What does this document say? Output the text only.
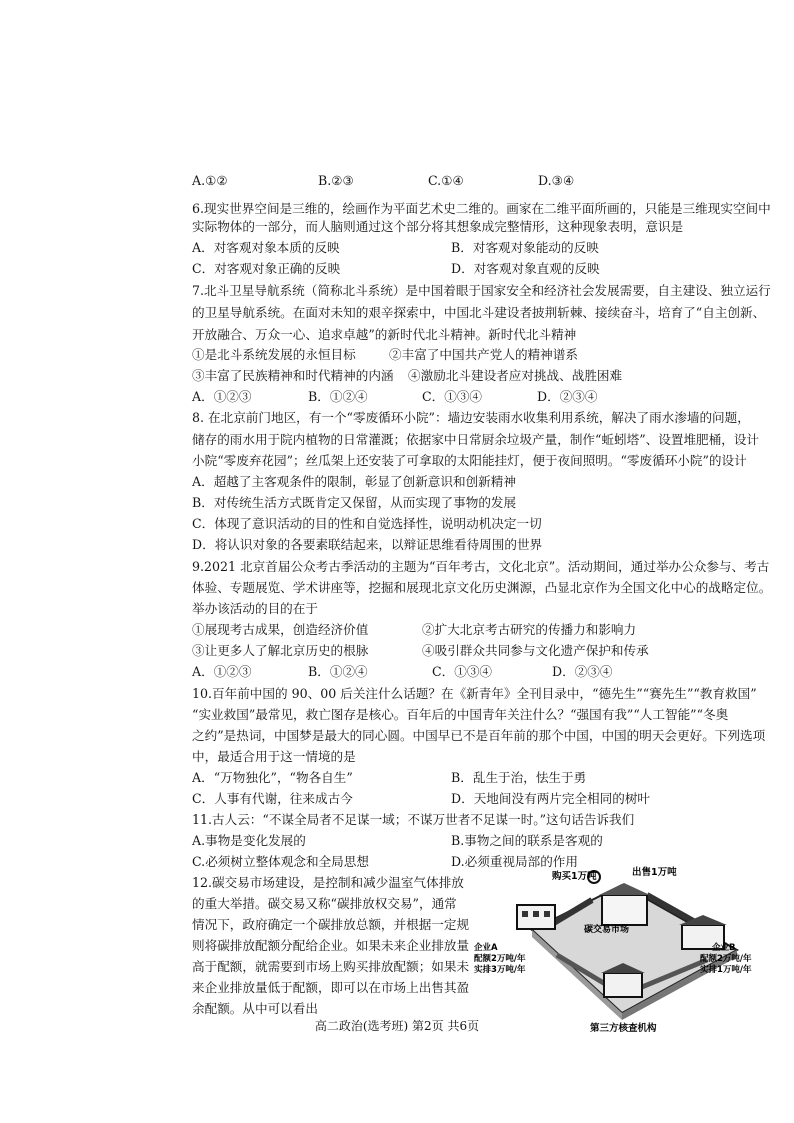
A.①②	B.②③	C.①④	D.③④
6.现实世界空间是三维的，绘画作为平面艺术史二维的。画家在二维平面所画的，只能是三维现实空间中
实际物体的一部分，而人脑则通过这个部分将其想象成完整情形，这种现象表明，意识是
A．对客观对象本质的反映	B．对客观对象能动的反映
C．对客观对象正确的反映	D．对客观对象直观的反映
7.北斗卫星导航系统（简称北斗系统）是中国着眼于国家安全和经济社会发展需要，自主建设、独立运行
的卫星导航系统。在面对未知的艰辛探索中，中国北斗建设者披荆斩棘、接续奋斗，培育了“自主创新、
开放融合、万众一心、追求卓越”的新时代北斗精神。新时代北斗精神
①是北斗系统发展的永恒目标	②丰富了中国共产党人的精神谱系
③丰富了民族精神和时代精神的内涵 ④激励北斗建设者应对挑战、战胜困难
A．①②③	B．①②④	C．①③④	D．②③④
8. 在北京前门地区，有一个“零废循环小院”：墙边安装雨水收集利用系统，解决了雨水渗墙的问题，
储存的雨水用于院内植物的日常灌溉；依据家中日常厨余垃圾产量，制作“蚯蚓塔”、设置堆肥桶，设计
小院“零废弃花园”；丝瓜架上还安装了可拿取的太阳能挂灯，便于夜间照明。“零废循环小院”的设计
A．超越了主客观条件的限制，彰显了创新意识和创新精神
B．对传统生活方式既肯定又保留，从而实现了事物的发展
C．体现了意识活动的目的性和自觉选择性，说明动机决定一切
D．将认识对象的各要素联结起来，以辩证思维看待周围的世界
9.2021 北京首届公众考古季活动的主题为“百年考古，文化北京”。活动期间，通过举办公众参与、考古
体验、专题展览、学术讲座等，挖掘和展现北京文化历史渊源，凸显北京作为全国文化中心的战略定位。
举办该活动的目的在于
①展现考古成果，创造经济价值	②扩大北京考古研究的传播力和影响力
③让更多人了解北京历史的根脉	④吸引群众共同参与文化遗产保护和传承
A．①②③	B．①②④	C．①③④	D．②③④
10.百年前中国的 90、00 后关注什么话题？在《新青年》全刊目录中，“德先生”“赛先生”“教育救国”
“实业救国”最常见，救亡图存是核心。百年后的中国青年关注什么？“强国有我”“人工智能”“冬奥
之约”是热词，中国梦是最大的同心圆。中国早已不是百年前的那个中国，中国的明天会更好。下列选项
中，最适合用于这一情境的是
A．“万物独化”，“物各自生”	B．乱生于治，怯生于勇
C．人事有代谢，往来成古今	D．天地间没有两片完全相同的树叶
11.古人云：“不谋全局者不足谋一域；不谋万世者不足谋一时。”这句话告诉我们
A.事物是变化发展的	B.事物之间的联系是客观的
C.必须树立整体观念和全局思想	D.必须重视局部的作用
12.碳交易市场建设，是控制和减少温室气体排放
的重大举措。碳交易又称“碳排放权交易”，通常
情况下，政府确定一个碳排放总额，并根据一定规
则将碳排放配额分配给企业。如果未来企业排放量
高于配额，就需要到市场上购买排放配额；如果未
来企业排放量低于配额，即可以在市场上出售其盈
余配额。从中可以看出
购买1万吨	出售1万吨
碳交易市场
企业A
配额2万吨/年
实排3万吨/年
企业B
配额2万吨/年
实排1万吨/年
第三方核查机构
高二政治(选考班) 第2页 共6页
